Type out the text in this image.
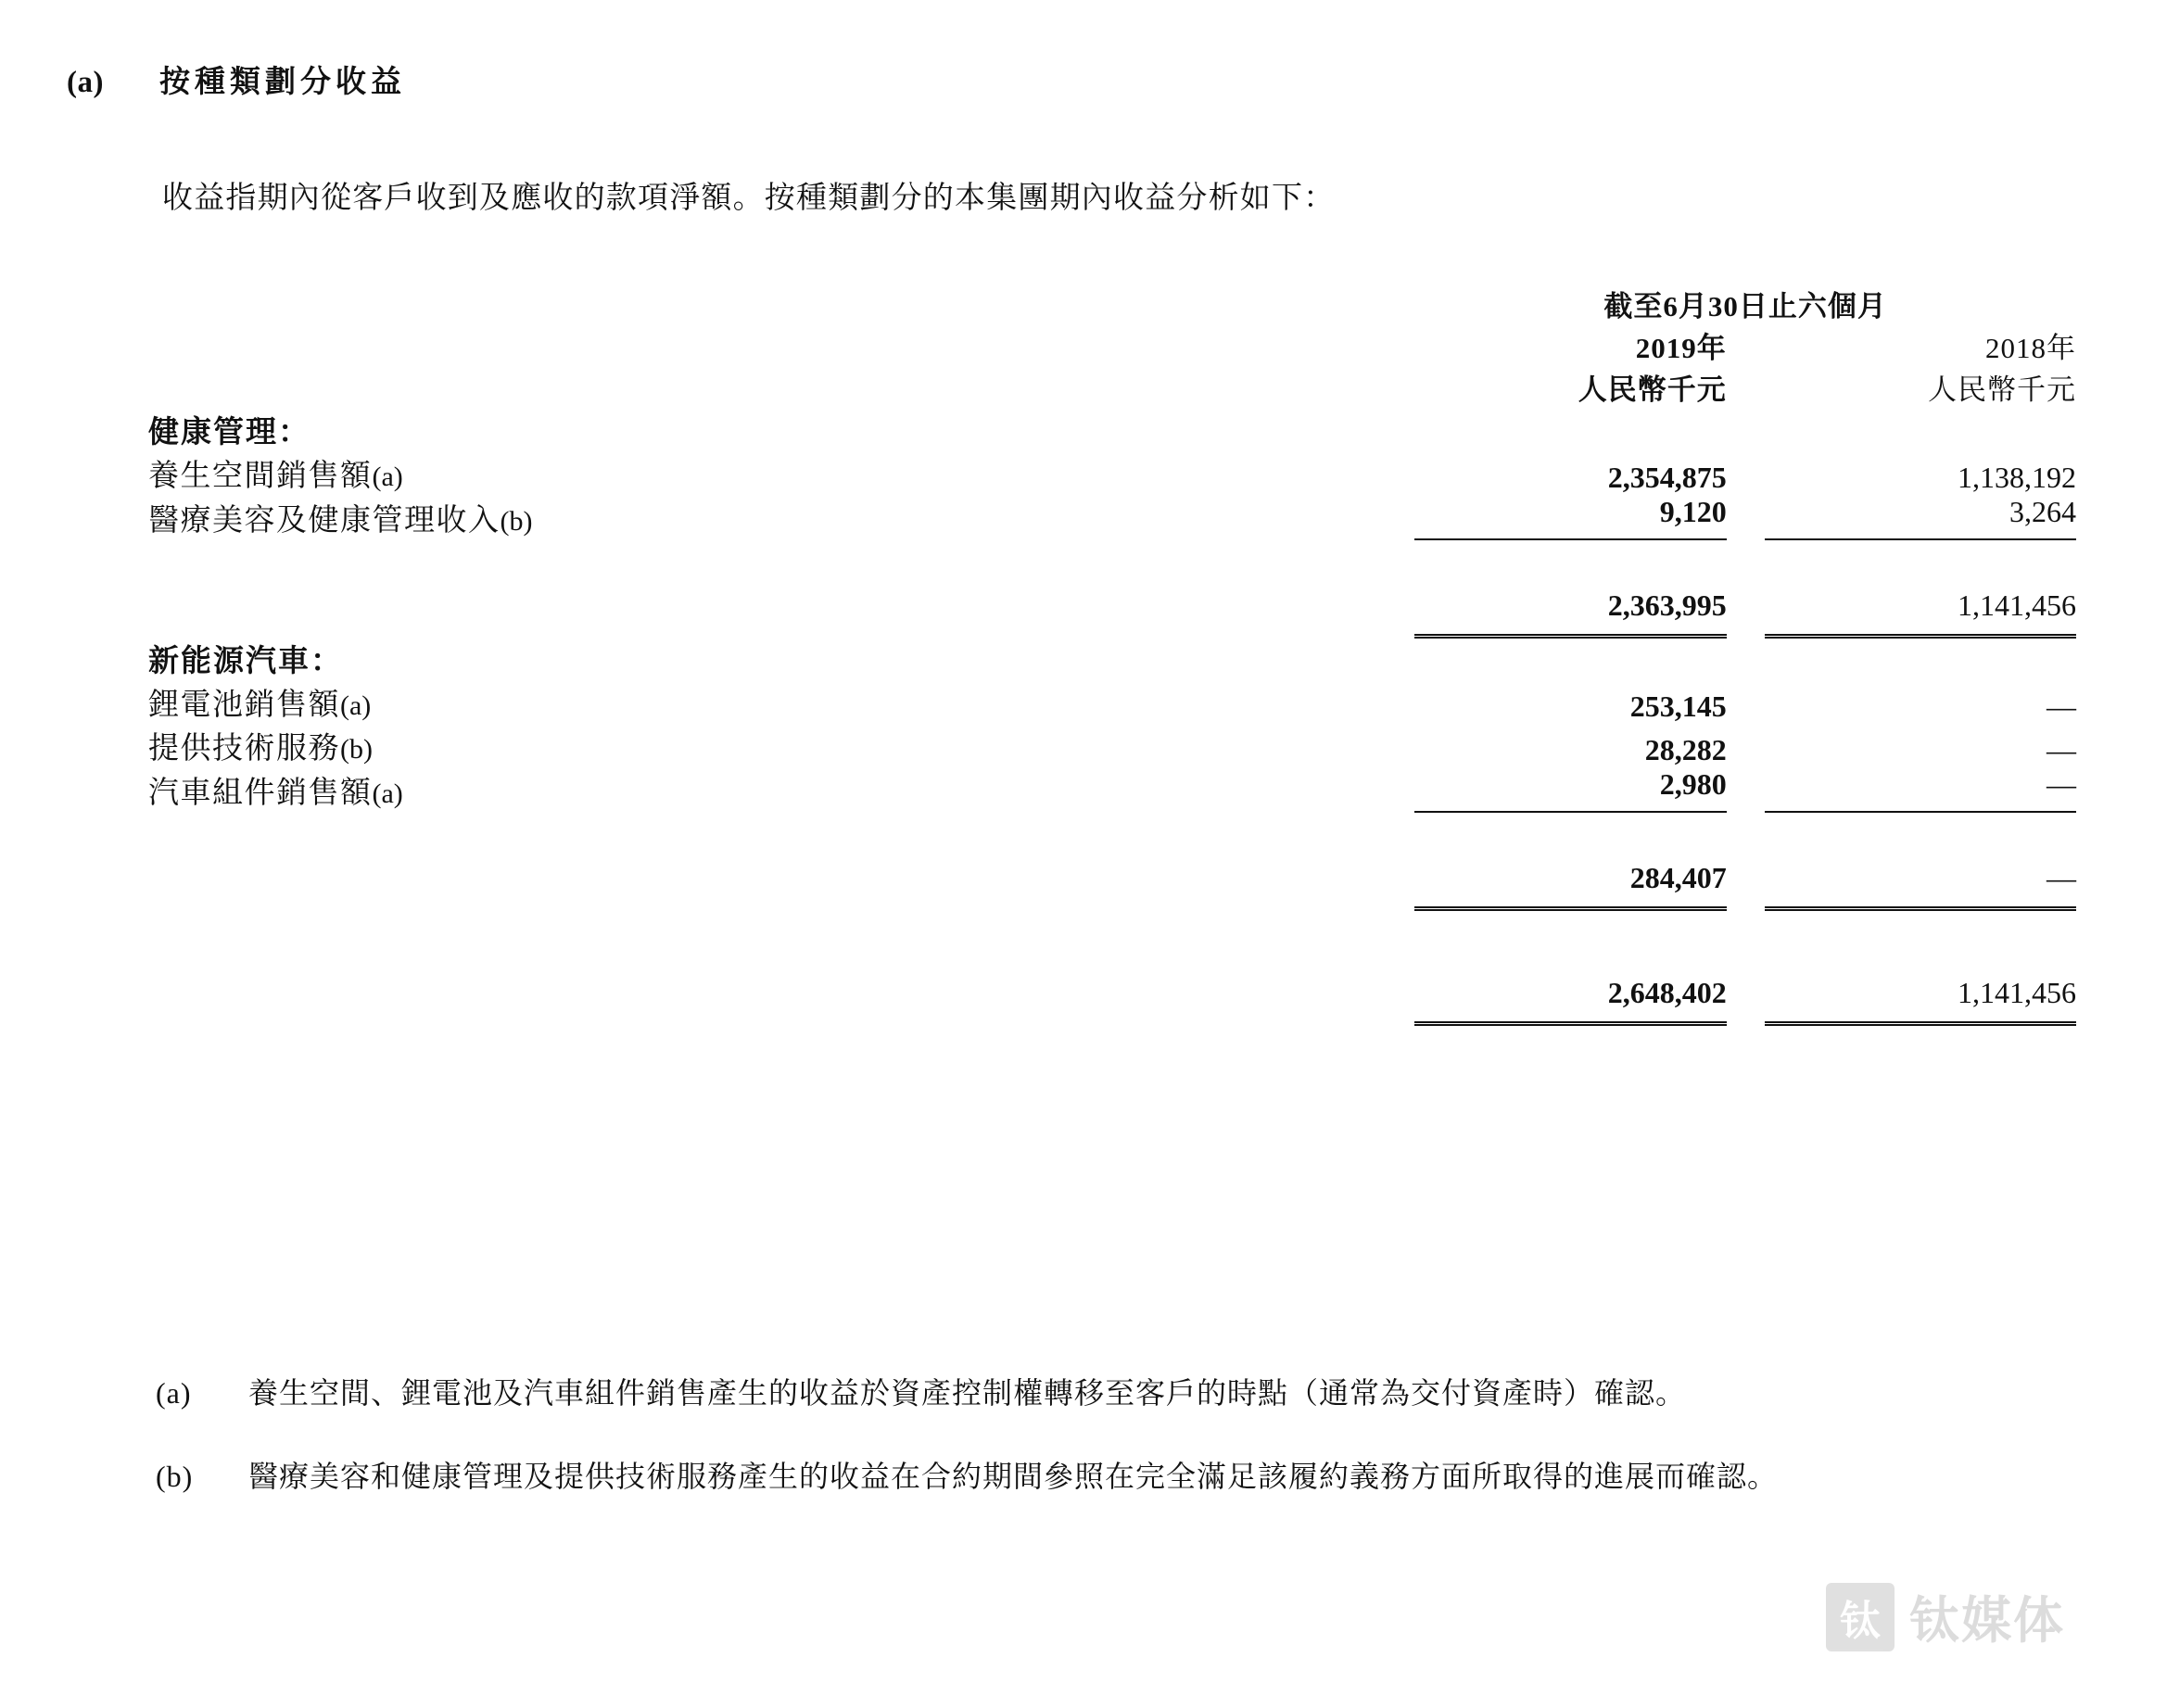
(a) 按種類劃分收益
收益指期內從客戶收到及應收的款項淨額。按種類劃分的本集團期內收益分析如下：
	截至6月30日止六個月		
	2019年		2018年
	人民幣千元		人民幣千元
健康管理：			
養生空間銷售額(a)	2,354,875		1,138,192
醫療美容及健康管理收入(b)	9,120		3,264

	2,363,995		1,141,456
新能源汽車：			
鋰電池銷售額(a)	253,145		—
提供技術服務(b)	28,282		—
汽車組件銷售額(a)	2,980		—

	284,407		—

	2,648,402		1,141,456
(a)	養生空間、鋰電池及汽車組件銷售產生的收益於資產控制權轉移至客戶的時點（通常為交付資產時）確認。
(b)	醫療美容和健康管理及提供技術服務產生的收益在合約期間參照在完全滿足該履約義務方面所取得的進展而確認。
钛 钛媒体
